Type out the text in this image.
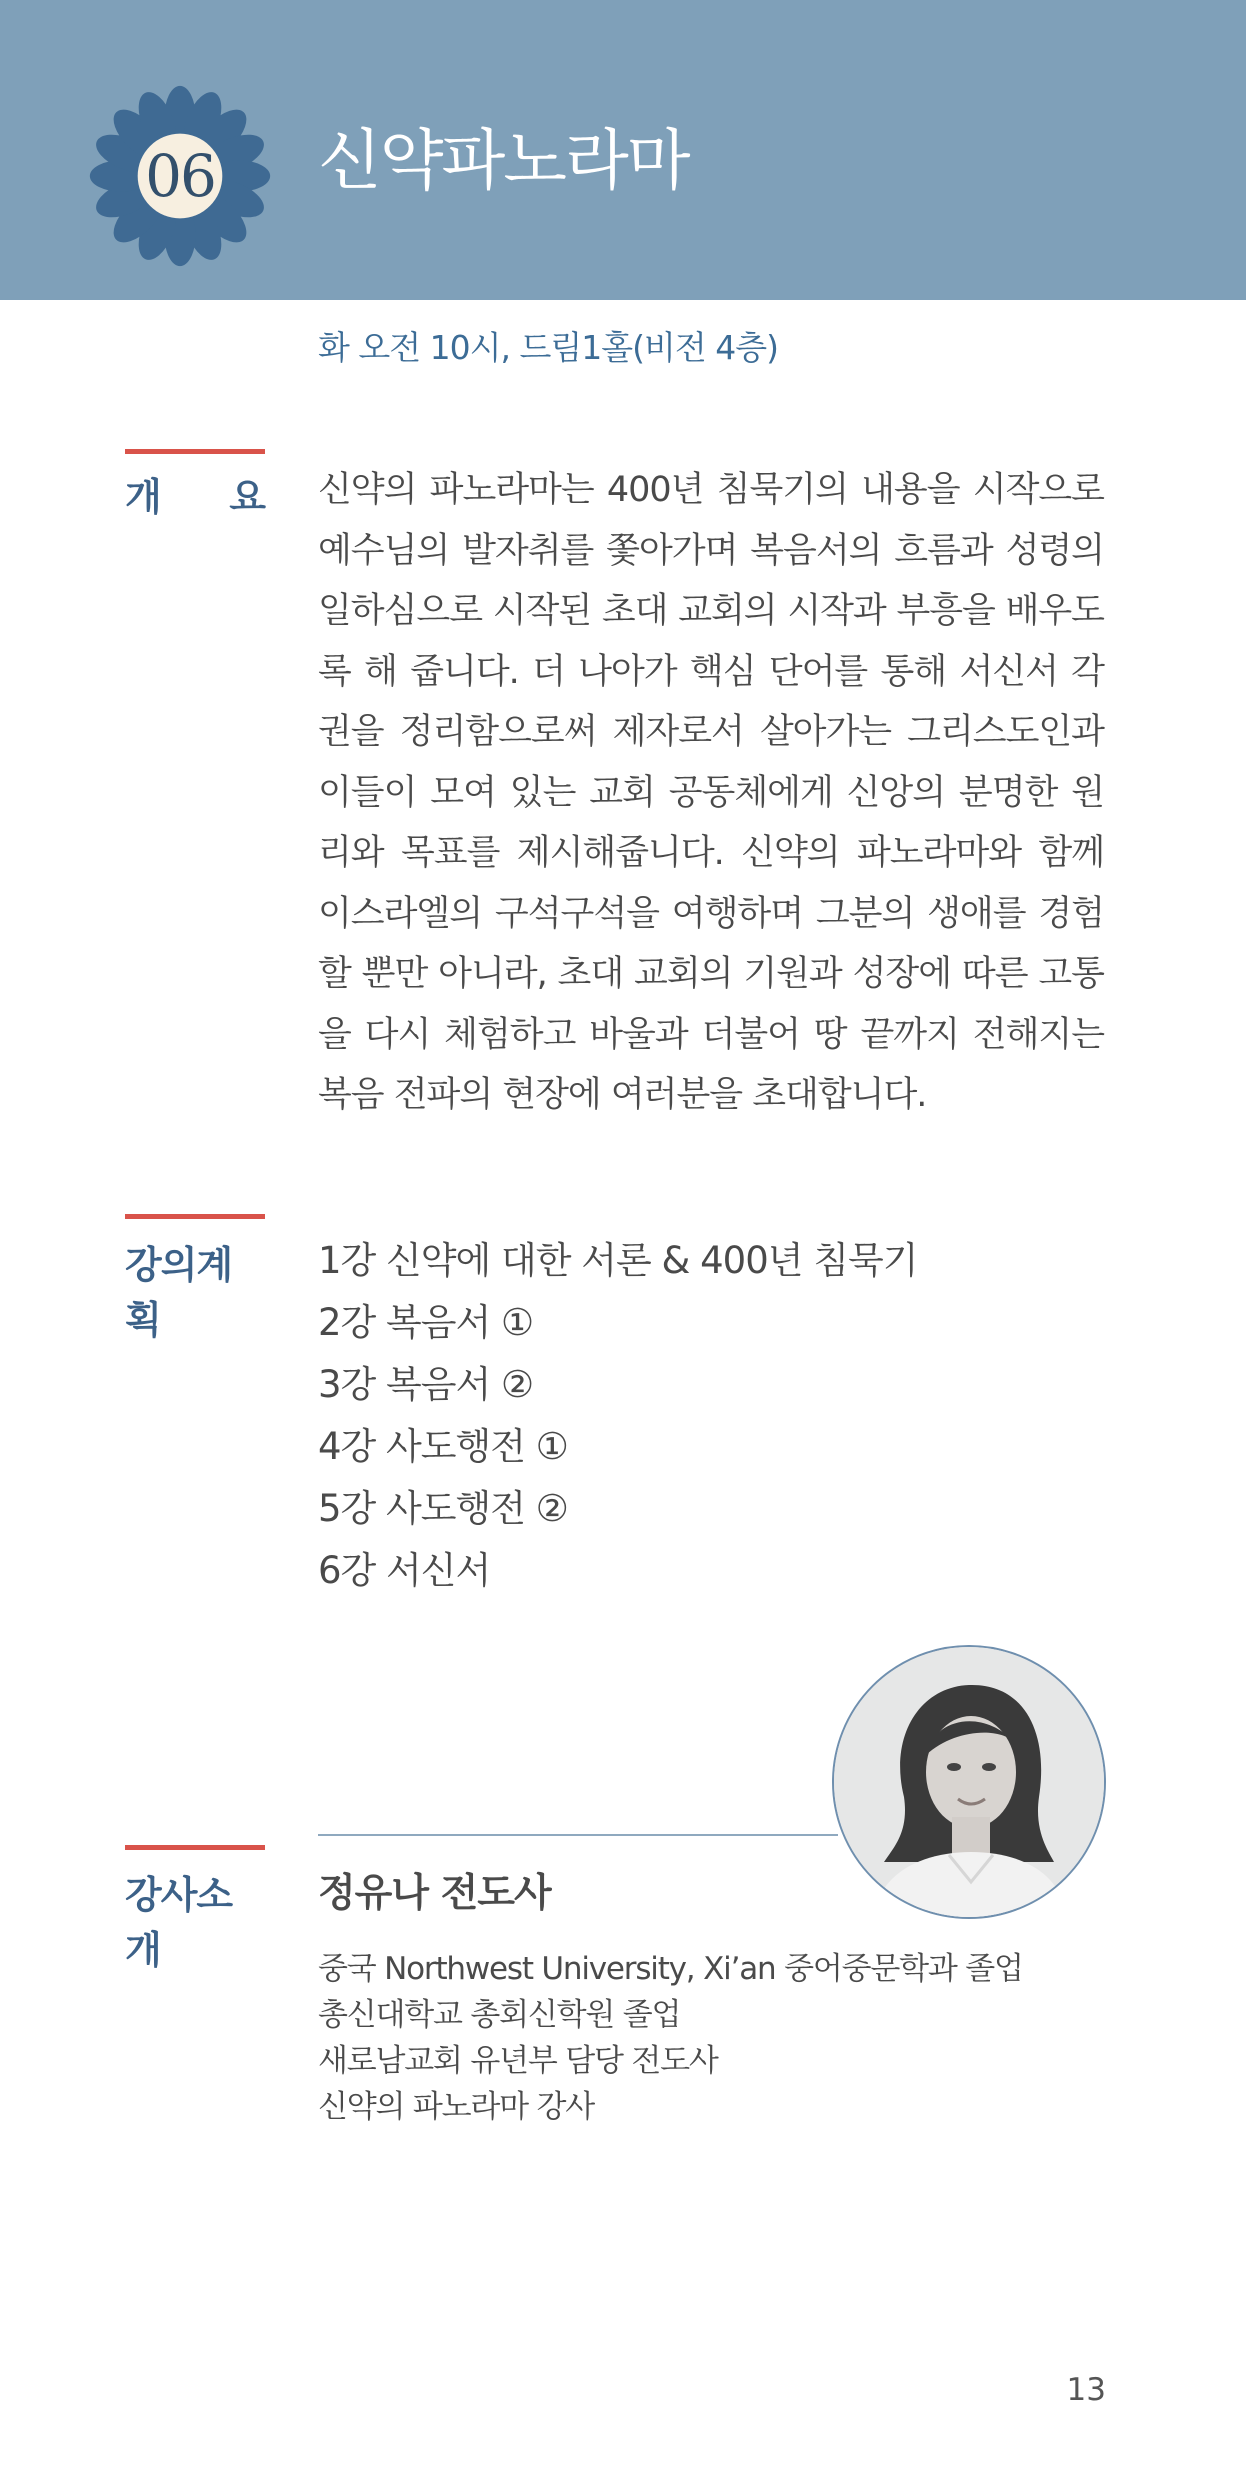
06	신약파노라마
화 오전 10시, 드림1홀(비전 4층)
개 요 신약의 파노라마는 400년 침묵기의 내용을 시작으로 예수님의 발자취를 쫓아가며 복음서의 흐름과 성령의 일하심으로 시작된 초대 교회의 시작과 부흥을 배우도록 해 줍니다. 더 나아가 핵심 단어를 통해 서신서 각 권을 정리함으로써 제자로서 살아가는 그리스도인과 이들이 모여 있는 교회 공동체에게 신앙의 분명한 원리와 목표를 제시해줍니다. 신약의 파노라마와 함께 이스라엘의 구석구석을 여행하며 그분의 생애를 경험할 뿐만 아니라, 초대 교회의 기원과 성장에 따른 고통을 다시 체험하고 바울과 더불어 땅 끝까지 전해지는 복음 전파의 현장에 여러분을 초대합니다.

강의계획
1강 신약에 대한 서론 & 400년 침묵기
2강 복음서 ①
3강 복음서 ②
4강 사도행전 ①
5강 사도행전 ②
6강 서신서
강사소개
정유나 전도사
중국 Northwest University, Xi’an 중어중문학과 졸업
총신대학교 총회신학원 졸업
새로남교회 유년부 담당 전도사
신약의 파노라마 강사
13
